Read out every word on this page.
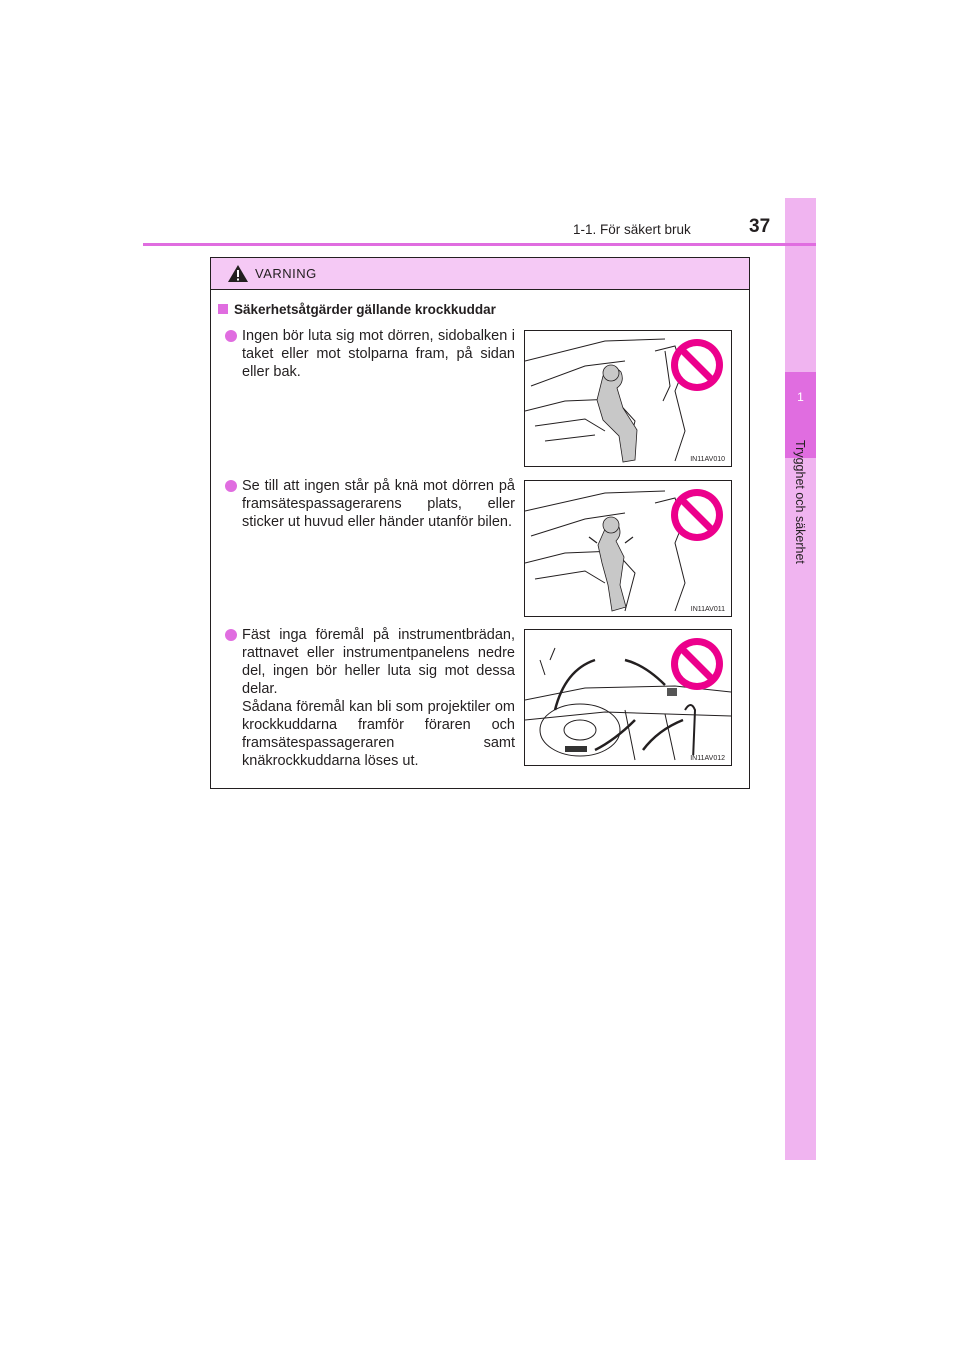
1
Trygghet och säkerhet
1-1. För säkert bruk	37
VARNING
Säkerhetsåtgärder gällande krockkuddar

Ingen bör luta sig mot dörren, sidobalken i taket eller mot stolparna fram, på sidan eller bak.

IN11AV010

Se till att ingen står på knä mot dörren på framsätespassagerarens plats, eller sticker ut huvud eller händer utanför bilen.

IN11AV011

Fäst inga föremål på instrumentbrädan, rattnavet eller instrumentpanelens nedre del, ingen bör heller luta sig mot dessa delar.

Sådana föremål kan bli som projektiler om krockkuddarna framför föraren och framsätespassageraren samt knäkrockkuddarna löses ut.	IN11AV012
